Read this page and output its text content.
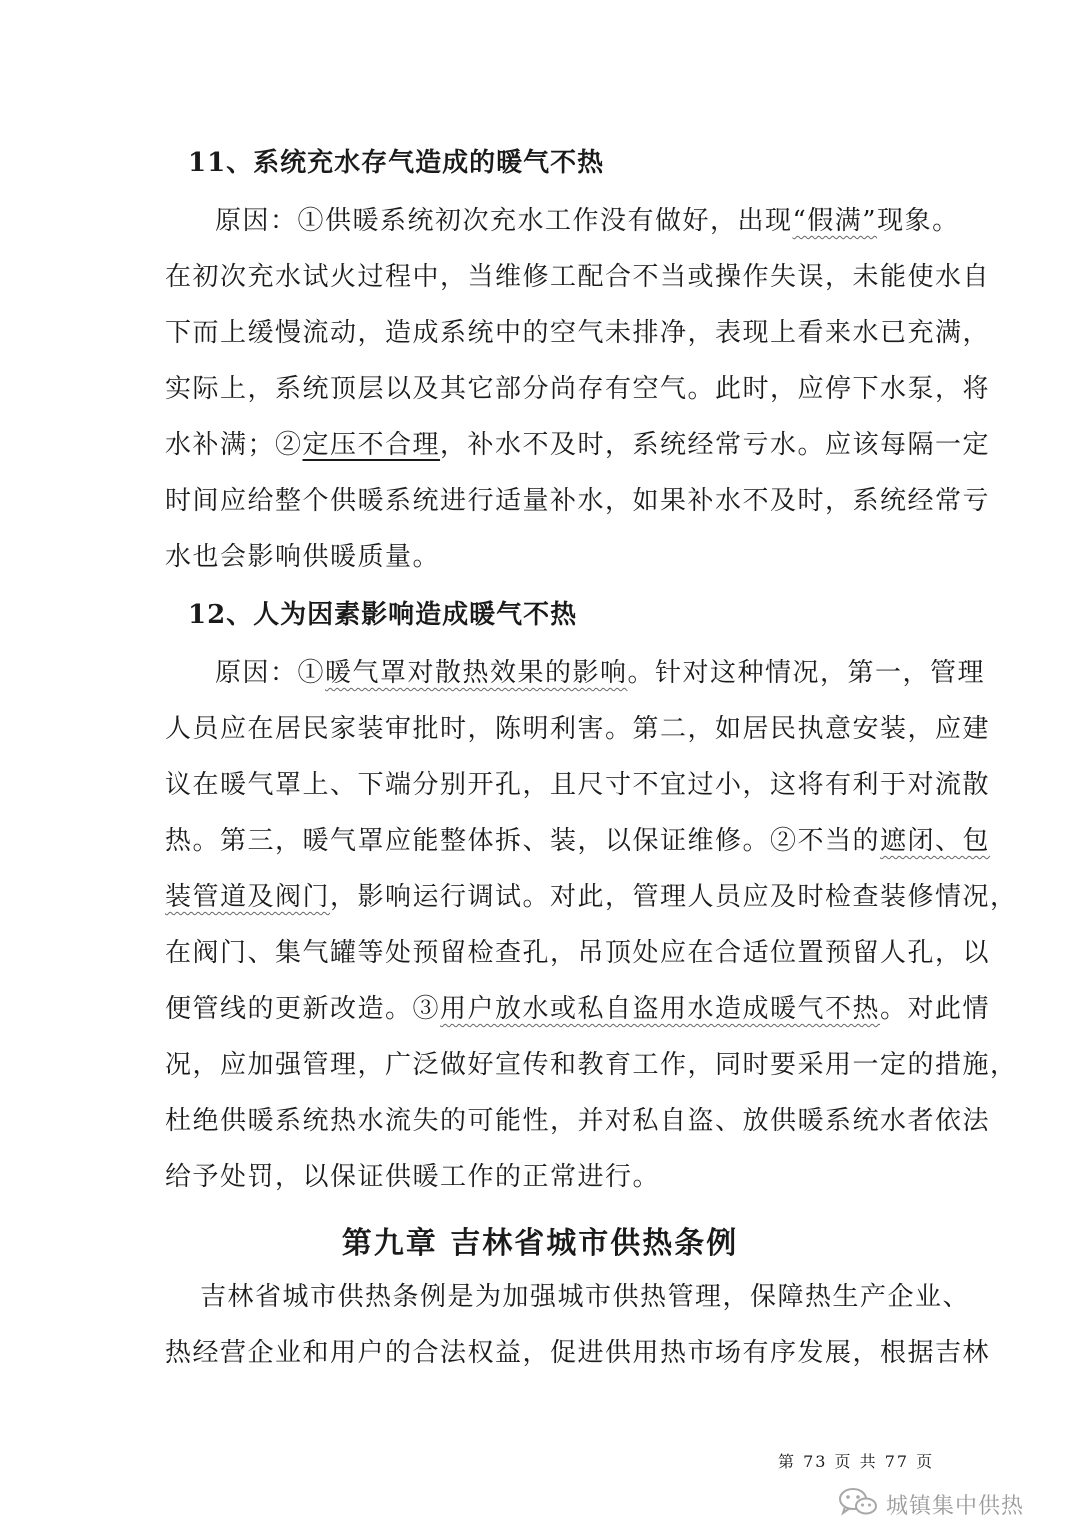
11、系统充水存气造成的暖气不热
原因：①供暖系统初次充水工作没有做好，出现“假满”现象。
在初次充水试火过程中，当维修工配合不当或操作失误，未能使水自
下而上缓慢流动，造成系统中的空气未排净，表现上看来水已充满，
实际上，系统顶层以及其它部分尚存有空气。此时，应停下水泵，将
水补满；②定压不合理，补水不及时，系统经常亏水。应该每隔一定
时间应给整个供暖系统进行适量补水，如果补水不及时，系统经常亏
水也会影响供暖质量。
12、人为因素影响造成暖气不热
原因：①暖气罩对散热效果的影响。针对这种情况，第一，管理
人员应在居民家装审批时，陈明利害。第二，如居民执意安装，应建
议在暖气罩上、下端分别开孔，且尺寸不宜过小，这将有利于对流散
热。第三，暖气罩应能整体拆、装，以保证维修。②不当的遮闭、包
装管道及阀门，影响运行调试。对此，管理人员应及时检查装修情况，
在阀门、集气罐等处预留检查孔，吊顶处应在合适位置预留人孔，以
便管线的更新改造。③用户放水或私自盗用水造成暖气不热。对此情
况，应加强管理，广泛做好宣传和教育工作，同时要采用一定的措施，
杜绝供暖系统热水流失的可能性，并对私自盗、放供暖系统水者依法
给予处罚，以保证供暖工作的正常进行。
第九章 吉林省城市供热条例
吉林省城市供热条例是为加强城市供热管理，保障热生产企业、
热经营企业和用户的合法权益，促进供用热市场有序发展，根据吉林
第 73 页 共 77 页
城镇集中供热
